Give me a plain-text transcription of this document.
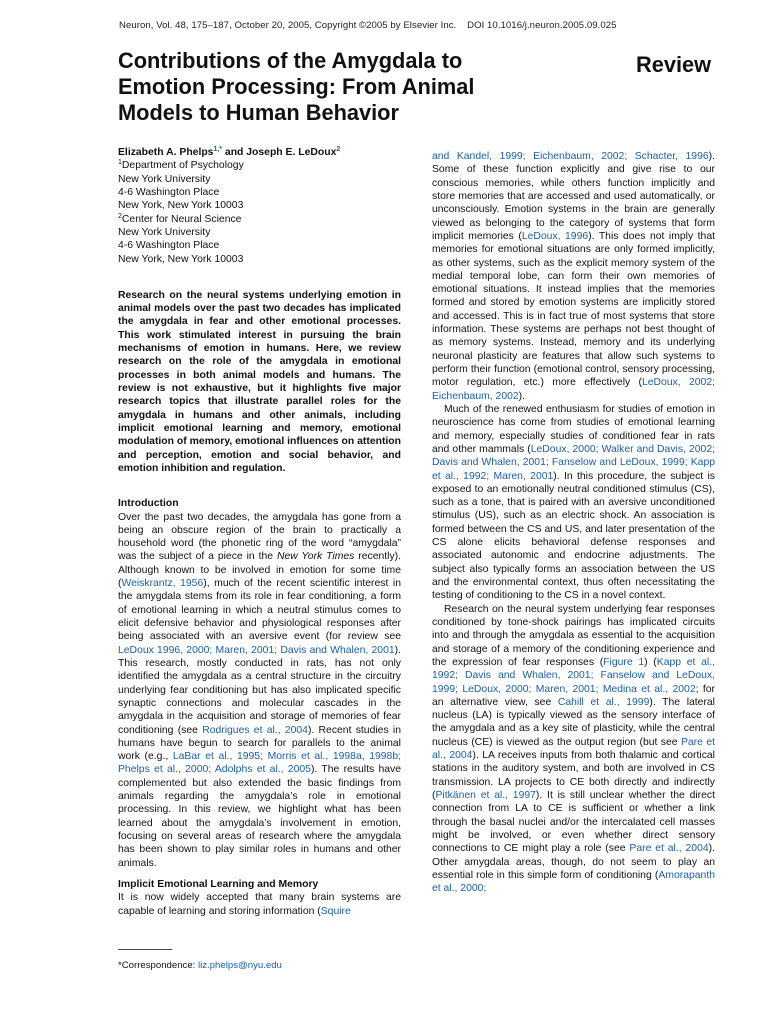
Neuron, Vol. 48, 175–187, October 20, 2005, Copyright ©2005 by Elsevier Inc.    DOI 10.1016/j.neuron.2005.09.025
Contributions of the Amygdala to Emotion Processing: From Animal Models to Human Behavior
Review

Elizabeth A. Phelps$^{1,*}$ and Joseph E. LeDoux$^2$

$^1$Department of Psychology
New York University
4-6 Washington Place
New York, New York 10003

$^2$Center for Neural Science
New York University
4-6 Washington Place
New York, New York 10003

Research on the neural systems underlying emotion in animal models over the past two decades has implicated the amygdala in fear and other emotional processes. This work stimulated interest in pursuing the brain mechanisms of emotion in humans. Here, we review research on the role of the amygdala in emotional processes in both animal models and humans. The review is not exhaustive, but it highlights five major research topics that illustrate parallel roles for the amygdala in humans and other animals, including implicit emotional learning and memory, emotional modulation of memory, emotional influences on attention and perception, emotion and social behavior, and emotion inhibition and regulation.

Introduction

Over the past two decades, the amygdala has gone from a being an obscure region of the brain to practically a household word (the phonetic ring of the word “amygdala” was the subject of a piece in the New York Times recently). Although known to be involved in emotion for some time (Weiskrantz, 1956), much of the recent scientific interest in the amygdala stems from its role in fear conditioning, a form of emotional learning in which a neutral stimulus comes to elicit defensive behavior and physiological responses after being associated with an aversive event (for review see LeDoux 1996, 2000; Maren, 2001; Davis and Whalen, 2001). This research, mostly conducted in rats, has not only identified the amygdala as a central structure in the circuitry underlying fear conditioning but has also implicated specific synaptic connections and molecular cascades in the amygdala in the acquisition and storage of memories of fear conditioning (see Rodrigues et al., 2004). Recent studies in humans have begun to search for parallels to the animal work (e.g., LaBar et al., 1995; Morris et al., 1998a, 1998b; Phelps et al., 2000; Adolphs et al., 2005). The results have complemented but also extended the basic findings from animals regarding the amygdala’s role in emotional processing. In this review, we highlight what has been learned about the amygdala’s involvement in emotion, focusing on several areas of research where the amygdala has been shown to play similar roles in humans and other animals.

Implicit Emotional Learning and Memory

It is now widely accepted that many brain systems are capable of learning and storing information (Squire

*Correspondence: liz.phelps@nyu.edu

and Kandel, 1999; Eichenbaum, 2002; Schacter, 1996). Some of these function explicitly and give rise to our conscious memories, while others function implicitly and store memories that are accessed and used automatically, or unconsciously. Emotion systems in the brain are generally viewed as belonging to the category of systems that form implicit memories (LeDoux, 1996). This does not imply that memories for emotional situations are only formed implicitly, as other systems, such as the explicit memory system of the medial temporal lobe, can form their own memories of emotional situations. It instead implies that the memories formed and stored by emotion systems are implicitly stored and accessed. This is in fact true of most systems that store information. These systems are perhaps not best thought of as memory systems. Instead, memory and its underlying neuronal plasticity are features that allow such systems to perform their function (emotional control, sensory processing, motor regulation, etc.) more effectively (LeDoux, 2002; Eichenbaum, 2002).

Much of the renewed enthusiasm for studies of emotion in neuroscience has come from studies of emotional learning and memory, especially studies of conditioned fear in rats and other mammals (LeDoux, 2000; Walker and Davis, 2002; Davis and Whalen, 2001; Fanselow and LeDoux, 1999; Kapp et al., 1992; Maren, 2001). In this procedure, the subject is exposed to an emotionally neutral conditioned stimulus (CS), such as a tone, that is paired with an aversive unconditioned stimulus (US), such as an electric shock. An association is formed between the CS and US, and later presentation of the CS alone elicits behavioral defense responses and associated autonomic and endocrine adjustments. The subject also typically forms an association between the US and the environmental context, thus often necessitating the testing of conditioning to the CS in a novel context.

Research on the neural system underlying fear responses conditioned by tone-shock pairings has implicated circuits into and through the amygdala as essential to the acquisition and storage of a memory of the conditioning experience and the expression of fear responses (Figure 1) (Kapp et al., 1992; Davis and Whalen, 2001; Fanselow and LeDoux, 1999; LeDoux, 2000; Maren, 2001; Medina et al., 2002; for an alternative view, see Cahill et al., 1999). The lateral nucleus (LA) is typically viewed as the sensory interface of the amygdala and as a key site of plasticity, while the central nucleus (CE) is viewed as the output region (but see Pare et al., 2004). LA receives inputs from both thalamic and cortical stations in the auditory system, and both are involved in CS transmission. LA projects to CE both directly and indirectly (Pitkänen et al., 1997). It is still unclear whether the direct connection from LA to CE is sufficient or whether a link through the basal nuclei and/or the intercalated cell masses might be involved, or even whether direct sensory connections to CE might play a role (see Pare et al., 2004). Other amygdala areas, though, do not seem to play an essential role in this simple form of conditioning (Amorapanth et al., 2000;
